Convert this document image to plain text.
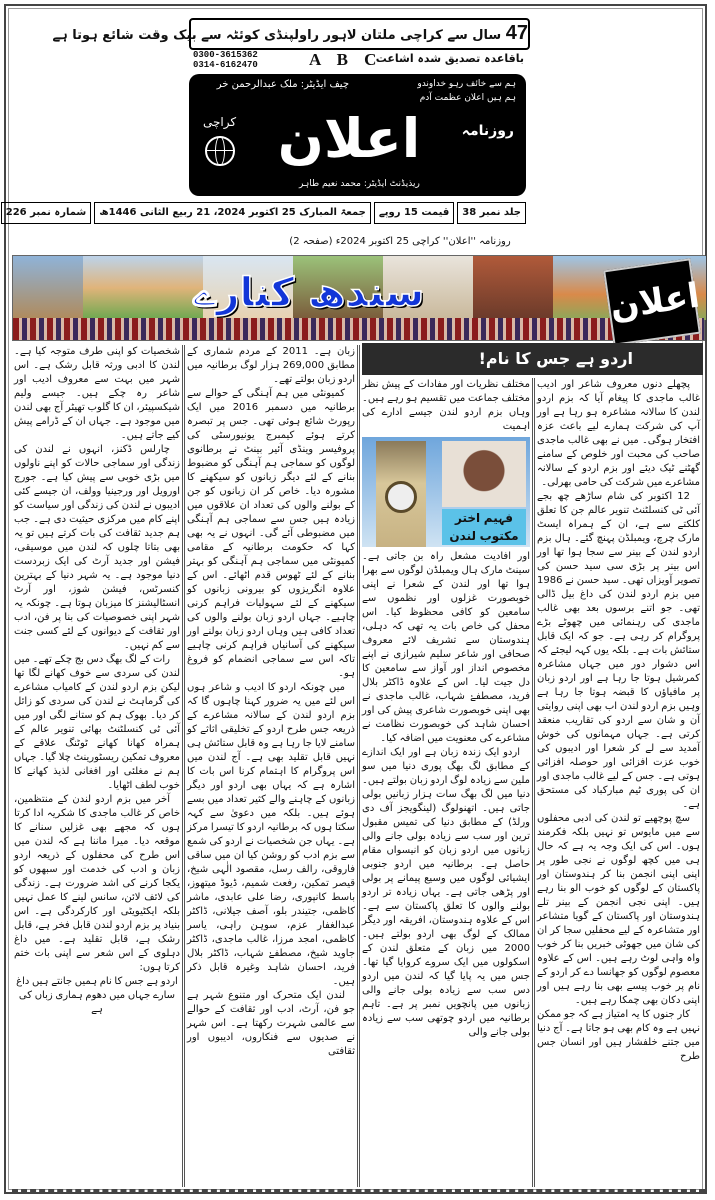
47 سال سے کراچی ملتان لاہور راولپنڈی کوئٹہ سے بیک وقت شائع ہوتا ہے
0300-3615362
0314-6162470	A B C
باقاعدہ تصدیق شدہ اشاعت
ہم سے خائف رہو خداوندو
ہم ہیں اعلان عظمت آدم
چیف ایڈیٹر: ملک عبدالرحمن خر
کراچی اعلان	روزنامہ
ریذیڈنٹ ایڈیٹر: محمد نعیم طاہر
جلد نمبر 38
قیمت 15 روپے
جمعۃ المبارک 25 اکتوبر 2024، 21 ربیع الثانی 1446ھ
شمارہ نمبر 226
روزنامہ ''اعلان'' کراچی 25 اکتوبر 2024ء (صفحہ 2)
سندھ کنارے	اعلان
اردو ہے جس کا نام!

پچھلے دنوں معروف شاعر اور ادیب غالب ماجدی کا پیغام آیا کہ بزم اردو لندن کا سالانہ مشاعرہ ہو رہا ہے اور آپ کی شرکت ہمارے لیے باعث عزہ افتخار ہوگی۔ میں نے بھی غالب ماجدی صاحب کی محبت اور خلوص کے سامنے گھٹنے ٹیک دیئے اور بزم اردو کے سالانہ مشاعرے میں شرکت کی حامی بھرلی۔

12 اکتوبر کی شام ساڑھے چھ بجے آئی ٹی کنسلٹنٹ تنویر عالم جن کا تعلق کلکتے سے ہے، ان کے ہمراہ ایسٹ مارک چرچ، ویمبلڈن پہنچ گئے۔ ہال بزم اردو لندن کے بینر سے سجا ہوا تھا اور اس بینر پر بڑی سی سید حسن کی تصویر آویزاں تھی۔ سید حسن نے 1986 میں بزم اردو لندن کی داغ بیل ڈالی تھی۔ جو اتنے برسوں بعد بھی غالب ماجدی کی رہنمائی میں چھوٹے بڑے پروگرام کر رہی ہے۔ جو کہ ایک قابل ستائش بات ہے۔ بلکہ یوں کہہ لیجئے کہ اس دشوار دور میں جہاں مشاعرہ کمرشیل ہوتا جا رہا ہے اور اردو زبان پر مافیاؤں کا قبضہ ہوتا جا رہا ہے وہیں بزم اردو لندن اب بھی اپنی روایتی آن و شان سے اردو کی تقاریب منعقد کرتی ہے۔ جہاں مہمانوں کی خوش آمدید سے لے کر شعرا اور ادیبوں کی خوب عزت افزائی اور حوصلہ افزائی ہوتی ہے۔ جس کے لیے غالب ماجدی اور ان کی پوری ٹیم مبارکباد کی مستحق ہے۔

سچ پوچھیے تو لندن کی ادبی محفلوں سے میں مایوس تو نہیں بلکہ فکرمند ہوں۔ اس کی ایک وجہ یہ ہے کہ حال ہی میں کچھ لوگوں نے نجی طور پر اپنی اپنی انجمن بنا کر ہندوستان اور پاکستان کے لوگوں کو خوب الو بنا رہے ہیں۔ اپنی نجی انجمن کے بینر تلے ہندوستان اور پاکستان کے گویا متشاعر اور متشاعرہ کے لیے محفلیں سجا کر ان کی شان میں جھوٹی خبریں بنا کر خوب واہ واہی لوٹ رہے ہیں۔ اس کے علاوہ معصوم لوگوں کو جھانسا دے کر اردو کے نام پر خوب پیسے بھی بنا رہے ہیں اور اپنی دکان بھی چمکا رہے ہیں۔

کار جنوں کا یہ امتیاز ہے کہ جو ممکن نہیں ہے وہ کام بھی ہو جاتا ہے۔ آج دنیا میں جتنے خلفشار ہیں اور انسان جس طرح

مختلف نظریات اور مفادات کے پیش نظر مختلف جماعت میں تقسیم ہو رہے ہیں۔ وہاں بزم اردو لندن جیسے ادارے کی اہمیت

فہیم اختر
مکتوب لندن

اور افادیت مشعل راہ بن جاتی ہے۔ سینٹ مارک ہال ویمبلڈن لوگوں سے بھرا ہوا تھا اور لندن کے شعرا نے اپنی خوبصورت غزلوں اور نظموں سے سامعین کو کافی محظوظ کیا۔ اس محفل کی خاص بات یہ تھی کہ دہلی، ہندوستان سے تشریف لائے معروف صحافی اور شاعر سلیم شیرازی نے اپنے مخصوص انداز اور آواز سے سامعین کا دل جیت لیا۔ اس کے علاوہ ڈاکٹر بلال فرید، مصطفےٰ شہاب، غالب ماجدی نے بھی اپنی خوبصورت شاعری پیش کی اور احسان شاہد کی خوبصورت نظامت نے مشاعرے کی معنویت میں اضافہ کیا۔

اردو ایک زندہ زبان ہے اور ایک اندازے کے مطابق لگ بھگ پوری دنیا میں سو ملین سے زیادہ لوگ اردو زبان بولتے ہیں۔ دنیا میں لگ بھگ سات ہزار زبانیں بولی جاتی ہیں۔ اتھنولوگ (لینگویجز آف دی ورلڈ) کے مطابق دنیا کی تمیس مقبول ترین اور سب سے زیادہ بولی جانے والی زبانوں میں اردو زبان کو انیسواں مقام حاصل ہے۔ برطانیہ میں اردو جنوبی ایشیائی لوگوں میں وسیع پیمانے پر بولی اور پڑھی جاتی ہے۔ یہاں زیادہ تر اردو بولنے والوں کا تعلق پاکستان سے ہے۔ اس کے علاوہ ہندوستان، افریقہ اور دیگر ممالک کے لوگ بھی اردو بولتے ہیں۔ 2000 میں زبان کے متعلق لندن کے اسکولوں میں ایک سروے کروایا گیا تھا۔ جس میں یہ پایا گیا کہ لندن میں اردو دس سب سے زیادہ بولی جانے والی زبانوں میں پانچویں نمبر پر ہے۔ تاہم برطانیہ میں اردو چوتھی سب سے زیادہ بولی جانے والی

زبان ہے۔ 2011 کے مردم شماری کے مطابق 269,000 ہزار لوگ برطانیہ میں اردو زبان بولتے تھے۔

کمیونٹی میں ہم آہنگی کے حوالے سے برطانیہ میں دسمبر 2016 میں ایک رپورٹ شائع ہوئی تھی۔ جس پر تبصرہ کرتے ہوئے کیمبرج یونیورسٹی کی پروفیسر وینڈی آئیر بینٹ نے برطانوی لوگوں کو سماجی ہم آہنگی کو مضبوط بنانے کے لئے دیگر زبانوں کو سیکھنے کا مشورہ دیا۔ خاص کر ان زبانوں کو جن کے بولنے والوں کی تعداد ان علاقوں میں زیادہ ہیں جس سے سماجی ہم آہنگی میں مضبوطی آئے گی۔ انہوں نے یہ بھی کہا کہ حکومت برطانیہ کے مقامی کمیونٹی میں سماجی ہم آہنگی کو بہتر بنانے کے لئے ٹھوس قدم اٹھائے۔ اس کے علاوہ انگریزوں کو بیرونی زبانوں کو سیکھنے کے لئے سہولیات فراہم کرنی چاہیے۔ جہاں اردو زبان بولنے والوں کی تعداد کافی ہیں وہاں اردو زبان بولنے اور سیکھنے کی آسانیاں فراہم کرنی چاہیے تاکہ اس سے سماجی انضمام کو فروغ ہو۔

میں چونکہ اردو کا ادیب و شاعر ہوں اس لئے میں یہ ضرور کہنا چاہوں گا کہ بزم اردو لندن کے سالانہ مشاعرے کے ذریعہ جس طرح اردو کے تخلیقی اثاثے کو سامنے لایا جا رہا ہے وہ قابل ستائش ہی نہیں قابل تقلید بھی ہے۔ آج لندن میں اس پروگرام کا اہتمام کرنا اس بات کا اشارہ ہے کہ یہاں بھی اردو اور دیگر زبانوں کے چاہنے والے کثیر تعداد میں بسے ہوئے ہیں۔ بلکہ میں دعویٰ سے کہہ سکتا ہوں کہ برطانیہ اردو کا تیسرا مرکز ہے۔ یہاں جن شخصیات نے اردو کی شمع سے بزم ادب کو روشن کیا ان میں ساقی فاروقی، رالف رسل، مقصود الٰہی شیخ، قیصر تمکین، رفعت شمیم، ڈیوڈ میتھوز، باسط کانپوری، رضا علی عابدی، ماشر کاظمی، جتیندر بلو، آصف جیلانی، ڈاکٹر عبدالغفار عزم، سوہن راہی، یاسر کاظمی، امجد مرزا، غالب ماجدی، ڈاکٹر جاوید شیخ، مصطفےٰ شہاب، ڈاکٹر بلال فرید، احسان شاہد وغیرہ قابل ذکر ہیں۔

لندن ایک متحرک اور متنوع شہر ہے جو فن، آرٹ، ادب اور ثقافت کے حوالے سے عالمی شہرت رکھتا ہے۔ اس شہر نے صدیوں سے فنکاروں، ادیبوں اور ثقافتی

شخصیات کو اپنی طرف متوجہ کیا ہے۔ لندن کا ادبی ورثہ قابل رشک ہے۔ اس شہر میں بہت سے معروف ادیب اور شاعر رہ چکے ہیں۔ جیسے ولیم شیکسپیئر، ان کا گلوب تھیٹر آج بھی لندن میں موجود ہے۔ جہاں ان کے ڈرامے پیش کیے جاتے ہیں۔

چارلس ڈکنز، انہوں نے لندن کی زندگی اور سماجی حالات کو اپنے ناولوں میں بڑی خوبی سے پیش کیا ہے۔ جورج اورویل اور ورجینیا وولف، ان جیسے کئی ادیبوں نے لندن کی زندگی اور سیاست کو اپنے کام میں مرکزی حیثیت دی ہے۔ جب ہم جدید ثقافت کی بات کرتے ہیں تو یہ بھی بتاتا چلوں کہ لندن میں موسیقی، فیشن اور جدید آرٹ کی ایک زبردست دنیا موجود ہے۔ یہ شہر دنیا کے بہترین کنسرٹس، فیشن شوز، اور آرٹ انسٹالیشنز کا میزبان ہوتا ہے۔ چونکہ یہ شہر اپنی خصوصیات کی بنا پر فن، ادب اور ثقافت کے دیوانوں کے لئے کسی جنت سے کم نہیں۔

رات کے لگ بھگ دس بج چکے تھے۔ میں لندن کی سردی سے خوف کھانے لگا تھا لیکن بزم اردو لندن کے کامیاب مشاعرے کی گرماہٹ نے لندن کی سردی کو زائل کر دیا۔ بھوک ہم کو ستانے لگی اور میں آئی ٹی کنسلٹنٹ بھائی تنویر عالم کے ہمراہ کھانا کھانے ٹوٹنگ علاقے کے معروف تمکین ریسٹورینٹ چلا گیا۔ جہاں ہم نے مغلئی اور افغانی لذیذ کھانے کا خوب لطف اٹھایا۔

آخر میں بزم اردو لندن کے منتظمین، خاص کر غالب ماجدی کا شکریہ ادا کرتا ہوں کہ مجھے بھی غزلیں سنانے کا موقعہ دیا۔ میرا ماننا ہے کہ لندن میں اس طرح کی محفلوں کے ذریعہ اردو زبان و ادب کی خدمت اور سبھوں کو یکجا کرنے کی اشد ضرورت ہے۔ زندگی کی لائف لائن، سانس لینے کا عمل نہیں بلکہ ایکٹیویٹی اور کارکردگی ہے۔ اس بنیاد پر بزم اردو لندن قابل فخر ہے، قابل رشک ہے، قابل تقلید ہے۔ میں داغ دہلوی کے اس شعر سے اپنی بات ختم کرتا ہوں:

اردو ہے جس کا نام ہمیں جانتے ہیں داغ

سارے جہاں میں دھوم ہماری زباں کی ہے
